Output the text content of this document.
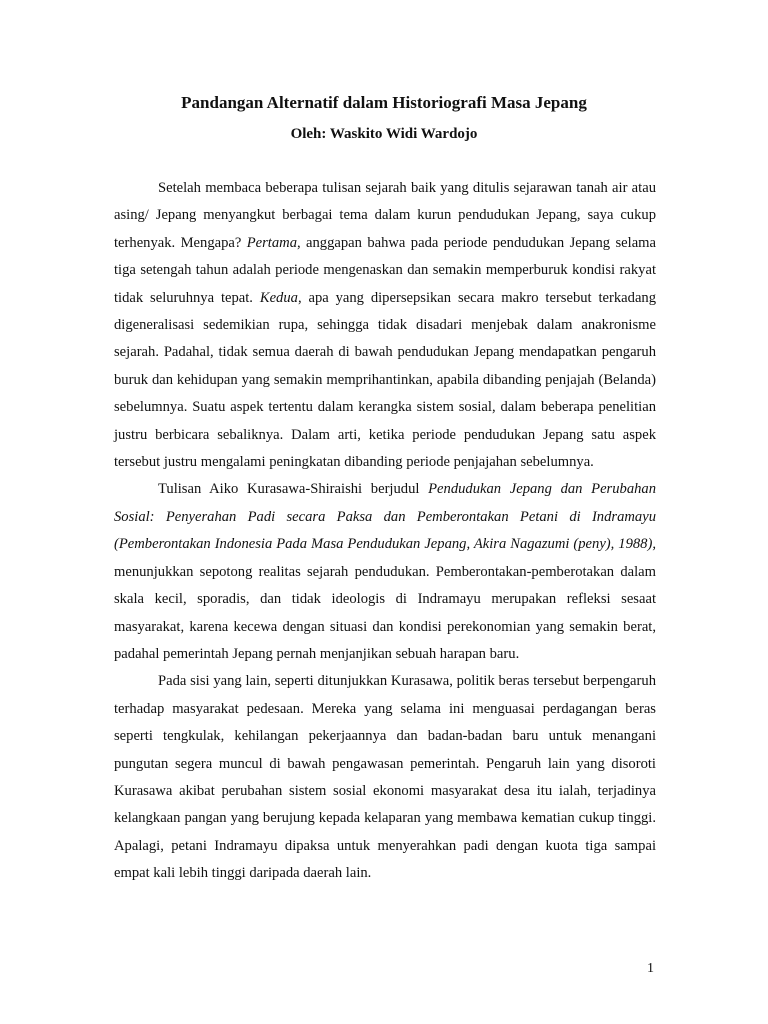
Pandangan Alternatif dalam Historiografi Masa Jepang
Oleh: Waskito Widi Wardojo

Setelah membaca beberapa tulisan sejarah baik yang ditulis sejarawan tanah air atau asing/ Jepang menyangkut berbagai tema dalam kurun pendudukan Jepang, saya cukup terhenyak. Mengapa? Pertama, anggapan bahwa pada periode pendudukan Jepang selama tiga setengah tahun adalah periode mengenaskan dan semakin memperburuk kondisi rakyat tidak seluruhnya tepat. Kedua, apa yang dipersepsikan secara makro tersebut terkadang digeneralisasi sedemikian rupa, sehingga tidak disadari menjebak dalam anakronisme sejarah. Padahal, tidak semua daerah di bawah pendudukan Jepang mendapatkan pengaruh buruk dan kehidupan yang semakin memprihantinkan, apabila dibanding penjajah (Belanda) sebelumnya. Suatu aspek tertentu dalam kerangka sistem sosial, dalam beberapa penelitian justru berbicara sebaliknya. Dalam arti, ketika periode pendudukan Jepang satu aspek tersebut justru mengalami peningkatan dibanding periode penjajahan sebelumnya.

Tulisan Aiko Kurasawa-Shiraishi berjudul Pendudukan Jepang dan Perubahan Sosial: Penyerahan Padi secara Paksa dan Pemberontakan Petani di Indramayu (Pemberontakan Indonesia Pada Masa Pendudukan Jepang, Akira Nagazumi (peny), 1988), menunjukkan sepotong realitas sejarah pendudukan. Pemberontakan-pemberotakan dalam skala kecil, sporadis, dan tidak ideologis di Indramayu merupakan refleksi sesaat masyarakat, karena kecewa dengan situasi dan kondisi perekonomian yang semakin berat, padahal pemerintah Jepang pernah menjanjikan sebuah harapan baru.

Pada sisi yang lain, seperti ditunjukkan Kurasawa, politik beras tersebut berpengaruh terhadap masyarakat pedesaan. Mereka yang selama ini menguasai perdagangan beras seperti tengkulak, kehilangan pekerjaannya dan badan-badan baru untuk menangani pungutan segera muncul di bawah pengawasan pemerintah. Pengaruh lain yang disoroti Kurasawa akibat perubahan sistem sosial ekonomi masyarakat desa itu ialah, terjadinya kelangkaan pangan yang berujung kepada kelaparan yang membawa kematian cukup tinggi. Apalagi, petani Indramayu dipaksa untuk menyerahkan padi dengan kuota tiga sampai empat kali lebih tinggi daripada daerah lain.

1
